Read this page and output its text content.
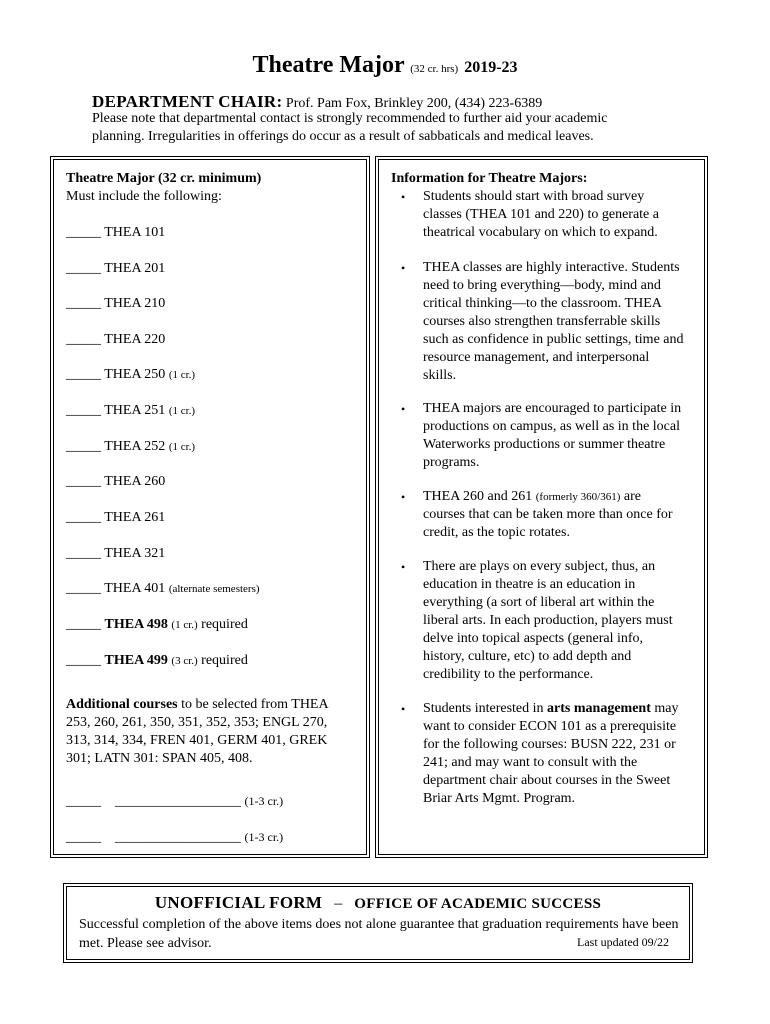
Theatre Major (32 cr. hrs) 2019-23
DEPARTMENT CHAIR: Prof. Pam Fox, Brinkley 200, (434) 223-6389
Please note that departmental contact is strongly recommended to further aid your academic
planning. Irregularities in offerings do occur as a result of sabbaticals and medical leaves.
Theatre Major (32 cr. minimum)
Must include the following:
_____ THEA 101
_____ THEA 201
_____ THEA 210
_____ THEA 220
_____ THEA 250 (1 cr.)
_____ THEA 251 (1 cr.)
_____ THEA 252 (1 cr.)
_____ THEA 260
_____ THEA 261
_____ THEA 321
_____ THEA 401 (alternate semesters)
_____ THEA 498 (1 cr.) required
_____ THEA 499 (3 cr.) required
Additional courses to be selected from THEA 253, 260, 261, 350, 351, 352, 353; ENGL 270, 313, 314, 334, FREN 401, GERM 401, GREK 301; LATN 301: SPAN 405, 408.
_____ __________________ (1-3 cr.)
_____ __________________ (1-3 cr.)
Information for Theatre Majors:
• Students should start with broad survey classes (THEA 101 and 220) to generate a theatrical vocabulary on which to expand.
• THEA classes are highly interactive. Students need to bring everything—body, mind and critical thinking—to the classroom. THEA courses also strengthen transferrable skills such as confidence in public settings, time and resource management, and interpersonal skills.
• THEA majors are encouraged to participate in productions on campus, as well as in the local Waterworks productions or summer theatre programs.
• THEA 260 and 261 (formerly 360/361) are courses that can be taken more than once for credit, as the topic rotates.
• There are plays on every subject, thus, an education in theatre is an education in everything (a sort of liberal art within the liberal arts. In each production, players must delve into topical aspects (general info, history, culture, etc) to add depth and credibility to the performance.
• Students interested in arts management may want to consider ECON 101 as a prerequisite for the following courses: BUSN 222, 231 or 241; and may want to consult with the department chair about courses in the Sweet Briar Arts Mgmt. Program.
UNOFFICIAL FORM – OFFICE OF ACADEMIC SUCCESS
Successful completion of the above items does not alone guarantee that graduation requirements have been met. Please see advisor.	Last updated 09/22
